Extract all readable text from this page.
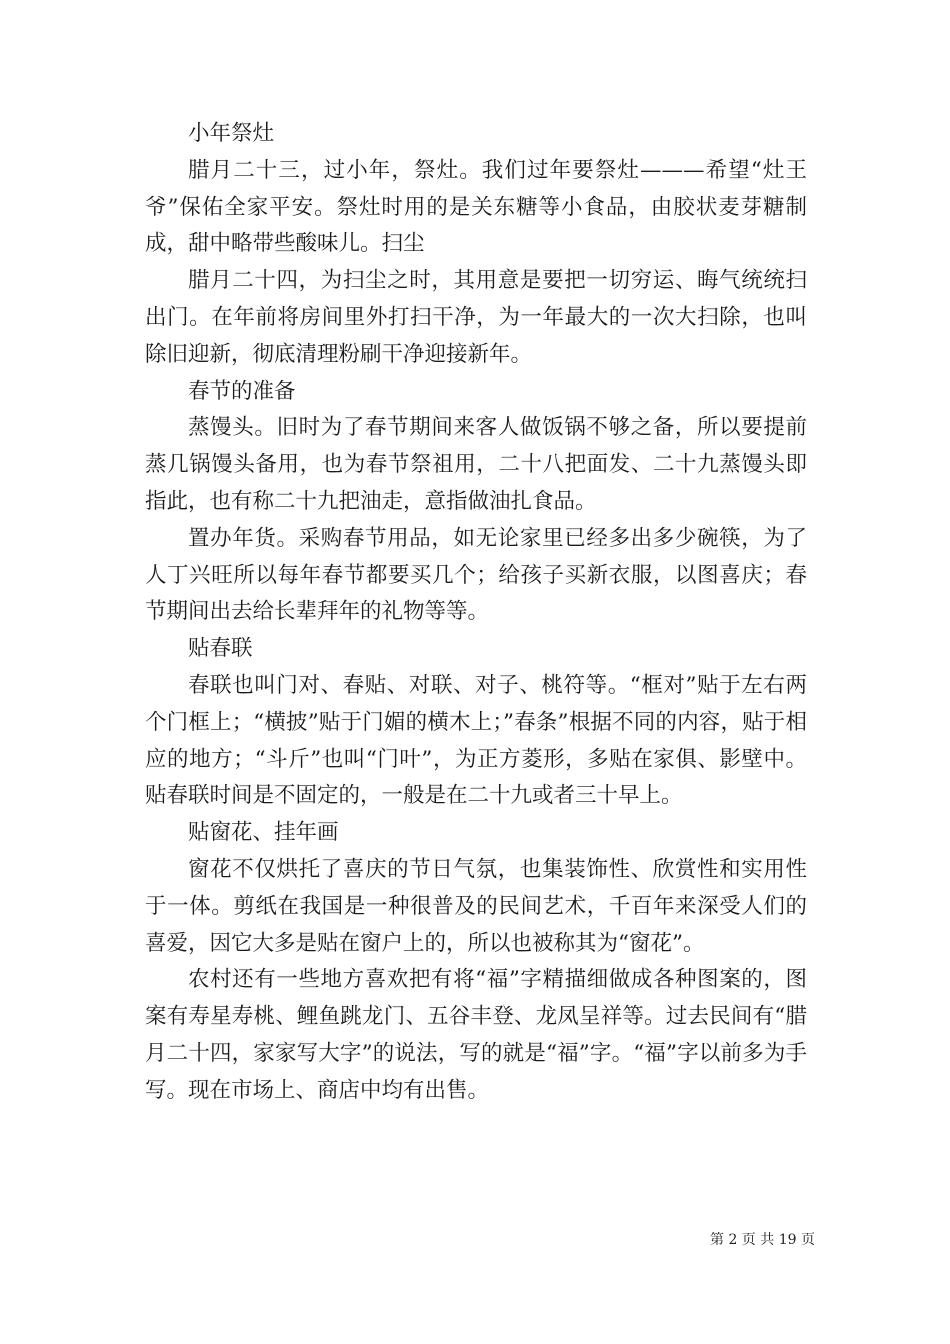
小年祭灶

腊月二十三，过小年，祭灶。我们过年要祭灶———希望“灶王爷”保佑全家平安。祭灶时用的是关东糖等小食品，由胶状麦芽糖制成，甜中略带些酸味儿。扫尘

腊月二十四，为扫尘之时，其用意是要把一切穷运、晦气统统扫出门。在年前将房间里外打扫干净，为一年最大的一次大扫除，也叫除旧迎新，彻底清理粉刷干净迎接新年。

春节的准备

蒸馒头。旧时为了春节期间来客人做饭锅不够之备，所以要提前蒸几锅馒头备用，也为春节祭祖用，二十八把面发、二十九蒸馒头即指此，也有称二十九把油走，意指做油扎食品。

置办年货。采购春节用品，如无论家里已经多出多少碗筷，为了人丁兴旺所以每年春节都要买几个；给孩子买新衣服，以图喜庆；春节期间出去给长辈拜年的礼物等等。

贴春联

春联也叫门对、春贴、对联、对子、桃符等。“框对”贴于左右两个门框上；“横披”贴于门媚的横木上；”春条”根据不同的内容，贴于相应的地方；“斗斤”也叫“门叶”，为正方菱形，多贴在家俱、影壁中。贴春联时间是不固定的，一般是在二十九或者三十早上。

贴窗花、挂年画

窗花不仅烘托了喜庆的节日气氛，也集装饰性、欣赏性和实用性于一体。剪纸在我国是一种很普及的民间艺术，千百年来深受人们的喜爱，因它大多是贴在窗户上的，所以也被称其为“窗花”。

农村还有一些地方喜欢把有将“福”字精描细做成各种图案的，图案有寿星寿桃、鲤鱼跳龙门、五谷丰登、龙凤呈祥等。过去民间有“腊月二十四，家家写大字”的说法，写的就是“福”字。“福”字以前多为手写。现在市场上、商店中均有出售。

第 2 页 共 19 页
